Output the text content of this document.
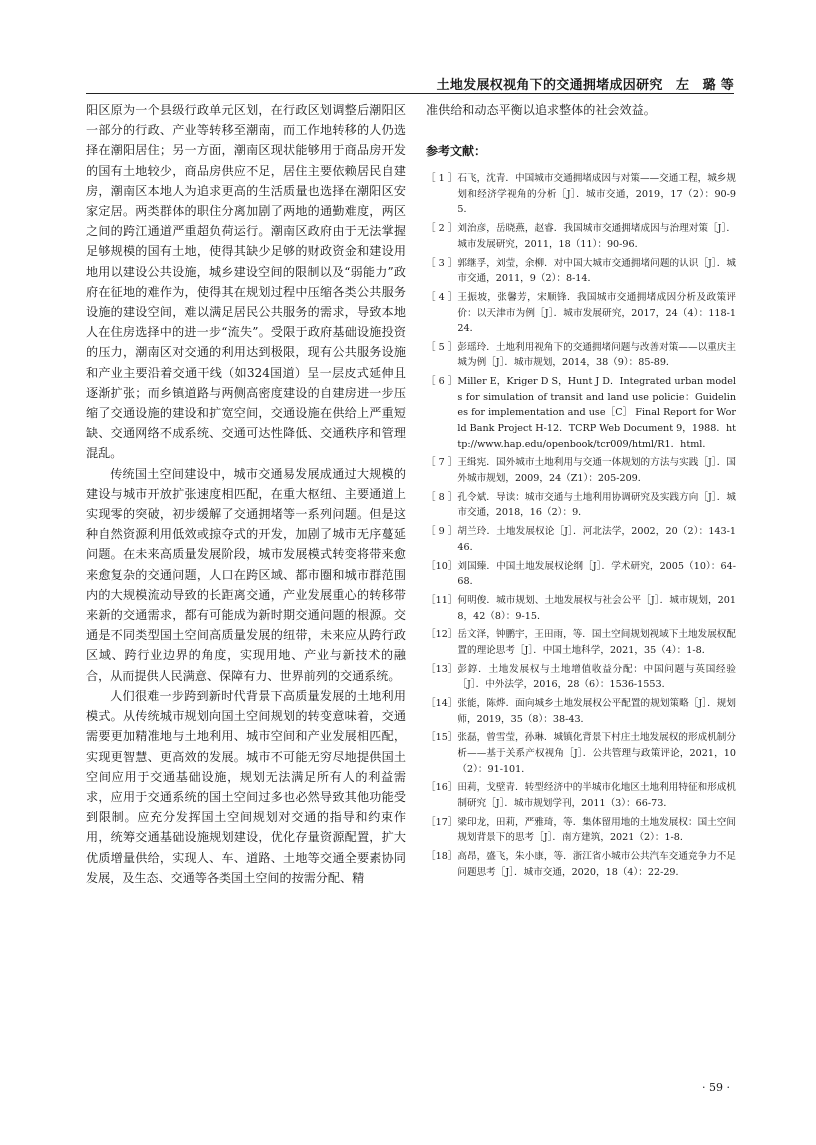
土地发展权视角下的交通拥堵成因研究　左　璐 等

阳区原为一个县级行政单元区划，在行政区划调整后潮阳区一部分的行政、产业等转移至潮南，而工作地转移的人仍选择在潮阳居住；另一方面，潮南区现状能够用于商品房开发的国有土地较少，商品房供应不足，居住主要依赖居民自建房，潮南区本地人为追求更高的生活质量也选择在潮阳区安家定居。两类群体的职住分离加剧了两地的通勤难度，两区之间的跨江通道严重超负荷运行。潮南区政府由于无法掌握足够规模的国有土地，使得其缺少足够的财政资金和建设用地用以建设公共设施，城乡建设空间的限制以及“弱能力”政府在征地的难作为，使得其在规划过程中压缩各类公共服务设施的建设空间，难以满足居民公共服务的需求，导致本地人在住房选择中的进一步“流失”。受限于政府基础设施投资的压力，潮南区对交通的利用达到极限，现有公共服务设施和产业主要沿着交通干线（如324国道）呈一层皮式延伸且逐渐扩张；而乡镇道路与两侧高密度建设的自建房进一步压缩了交通设施的建设和扩宽空间，交通设施在供给上严重短缺、交通网络不成系统、交通可达性降低、交通秩序和管理混乱。

传统国土空间建设中，城市交通易发展成通过大规模的建设与城市开放扩张速度相匹配，在重大枢纽、主要通道上实现零的突破，初步缓解了交通拥堵等一系列问题。但是这种自然资源利用低效或掠夺式的开发，加剧了城市无序蔓延问题。在未来高质量发展阶段，城市发展模式转变将带来愈来愈复杂的交通问题，人口在跨区域、都市圈和城市群范围内的大规模流动导致的长距离交通，产业发展重心的转移带来新的交通需求，都有可能成为新时期交通问题的根源。交通是不同类型国土空间高质量发展的纽带，未来应从跨行政区域、跨行业边界的角度，实现用地、产业与新技术的融合，从而提供人民满意、保障有力、世界前列的交通系统。

人们很难一步跨到新时代背景下高质量发展的土地利用模式。从传统城市规划向国土空间规划的转变意味着，交通需要更加精准地与土地利用、城市空间和产业发展相匹配，实现更智慧、更高效的发展。城市不可能无穷尽地提供国土空间应用于交通基础设施，规划无法满足所有人的利益需求，应用于交通系统的国土空间过多也必然导致其他功能受到限制。应充分发挥国土空间规划对交通的指导和约束作用，统筹交通基础设施规划建设，优化存量资源配置，扩大优质增量供给，实现人、车、道路、土地等交通全要素协同发展，及生态、交通等各类国土空间的按需分配、精

准供给和动态平衡以追求整体的社会效益。

参考文献：
［ 1 ］ 石飞，沈青．中国城市交通拥堵成因与对策——交通工程，城乡规划和经济学视角的分析［J］．城市交通，2019，17（2）：90-95．
［ 2 ］ 刘治彦，岳晓燕，赵睿．我国城市交通拥堵成因与治理对策［J］．城市发展研究，2011，18（11）：90-96．
［ 3 ］ 郭继孚，刘莹，余柳．对中国大城市交通拥堵问题的认识［J］．城市交通，2011，9（2）：8-14．
［ 4 ］ 王振坡，张馨芳，宋顺锋．我国城市交通拥堵成因分析及政策评价：以天津市为例［J］．城市发展研究，2017，24（4）：118-124．
［ 5 ］ 彭瑶玲．土地利用视角下的交通拥堵问题与改善对策——以重庆主城为例［J］．城市规划，2014，38（9）：85-89．
［ 6 ］ Miller E，Kriger D S，Hunt J D．Integrated urban models for simulation of transit and land use policie：Guidelines for implementation and use［C］ Final Report for World Bank Project H-12．TCRP Web Document 9，1988．http://www.hap.edu/openbook/tcr009/html/R1．html．
［ 7 ］ 王缉宪．国外城市土地利用与交通一体规划的方法与实践［J］．国外城市规划，2009，24（Z1）：205-209．
［ 8 ］ 孔令斌．导读：城市交通与土地利用协调研究及实践方向［J］．城市交通，2018，16（2）：9．
［ 9 ］ 胡兰玲．土地发展权论［J］．河北法学，2002，20（2）：143-146．
［10］ 刘国臻．中国土地发展权论纲［J］．学术研究，2005（10）：64-68．
［11］ 何明俊．城市规划、土地发展权与社会公平［J］．城市规划，2018，42（8）：9-15．
［12］ 岳文泽，钟鹏宇，王田雨，等．国土空间规划视域下土地发展权配置的理论思考［J］．中国土地科学，2021，35（4）：1-8．
［13］ 彭錞．土地发展权与土地增值收益分配：中国问题与英国经验［J］．中外法学，2016，28（6）：1536-1553．
［14］ 张能，陈烨．面向城乡土地发展权公平配置的规划策略［J］．规划师，2019，35（8）：38-43．
［15］ 张磊，曾雪莹，孙琳．城镇化背景下村庄土地发展权的形成机制分析——基于关系产权视角［J］．公共管理与政策评论，2021，10（2）：91-101．
［16］ 田莉，戈壁青．转型经济中的半城市化地区土地利用特征和形成机制研究［J］．城市规划学刊，2011（3）：66-73．
［17］ 梁印龙，田莉，严雅琦，等．集体留用地的土地发展权：国土空间规划背景下的思考［J］．南方建筑，2021（2）：1-8．
［18］ 高昂，盛飞，朱小康，等．浙江省小城市公共汽车交通竞争力不足问题思考［J］．城市交通，2020，18（4）：22-29．
· 59 ·
